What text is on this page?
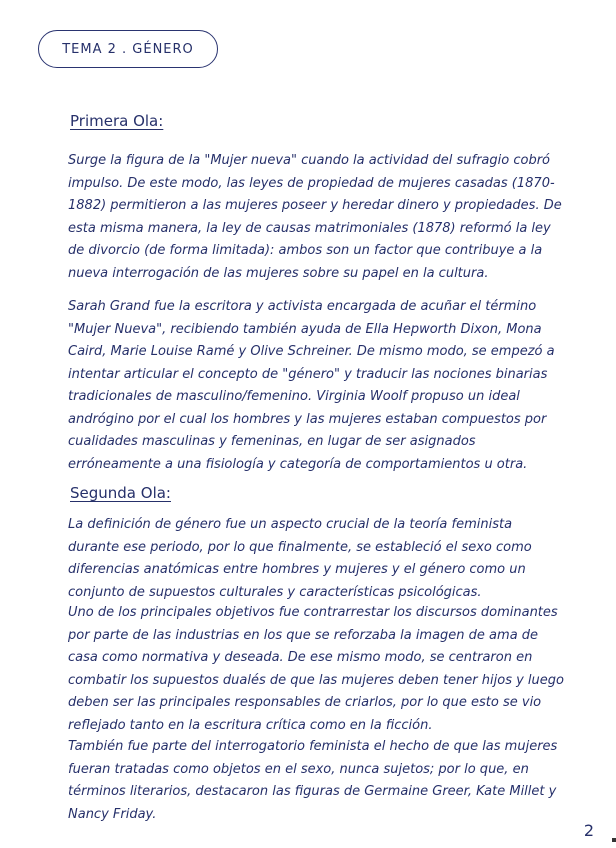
TEMA 2 . GÉNERO
Primera Ola:
Surge la figura de la "Mujer nueva" cuando la actividad del sufragio cobró impulso. De este modo, las leyes de propiedad de mujeres casadas (1870-1882) permitieron a las mujeres poseer y heredar dinero y propiedades. De esta misma manera, la ley de causas matrimoniales (1878) reformó la ley de divorcio (de forma limitada): ambos son un factor que contribuye a la nueva interrogación de las mujeres sobre su papel en la cultura.
Sarah Grand fue la escritora y activista encargada de acuñar el término "Mujer Nueva", recibiendo también ayuda de Ella Hepworth Dixon, Mona Caird, Marie Louise Ramé y Olive Schreiner. De mismo modo, se empezó a intentar articular el concepto de "género" y traducir las nociones binarias tradicionales de masculino/femenino. Virginia Woolf propuso un ideal andrógino por el cual los hombres y las mujeres estaban compuestos por cualidades masculinas y femeninas, en lugar de ser asignados erróneamente a una fisiología y categoría de comportamientos u otra.
Segunda Ola:
La definición de género fue un aspecto crucial de la teoría feminista durante ese periodo, por lo que finalmente, se estableció el sexo como diferencias anatómicas entre hombres y mujeres y el género como un conjunto de supuestos culturales y características psicológicas.
Uno de los principales objetivos fue contrarrestar los discursos dominantes por parte de las industrias en los que se reforzaba la imagen de ama de casa como normativa y deseada. De ese mismo modo, se centraron en combatir los supuestos dualés de que las mujeres deben tener hijos y luego deben ser las principales responsables de criarlos, por lo que esto se vio reflejado tanto en la escritura crítica como en la ficción.
También fue parte del interrogatorio feminista el hecho de que las mujeres fueran tratadas como objetos en el sexo, nunca sujetos; por lo que, en términos literarios, destacaron las figuras de Germaine Greer, Kate Millet y Nancy Friday.
2
